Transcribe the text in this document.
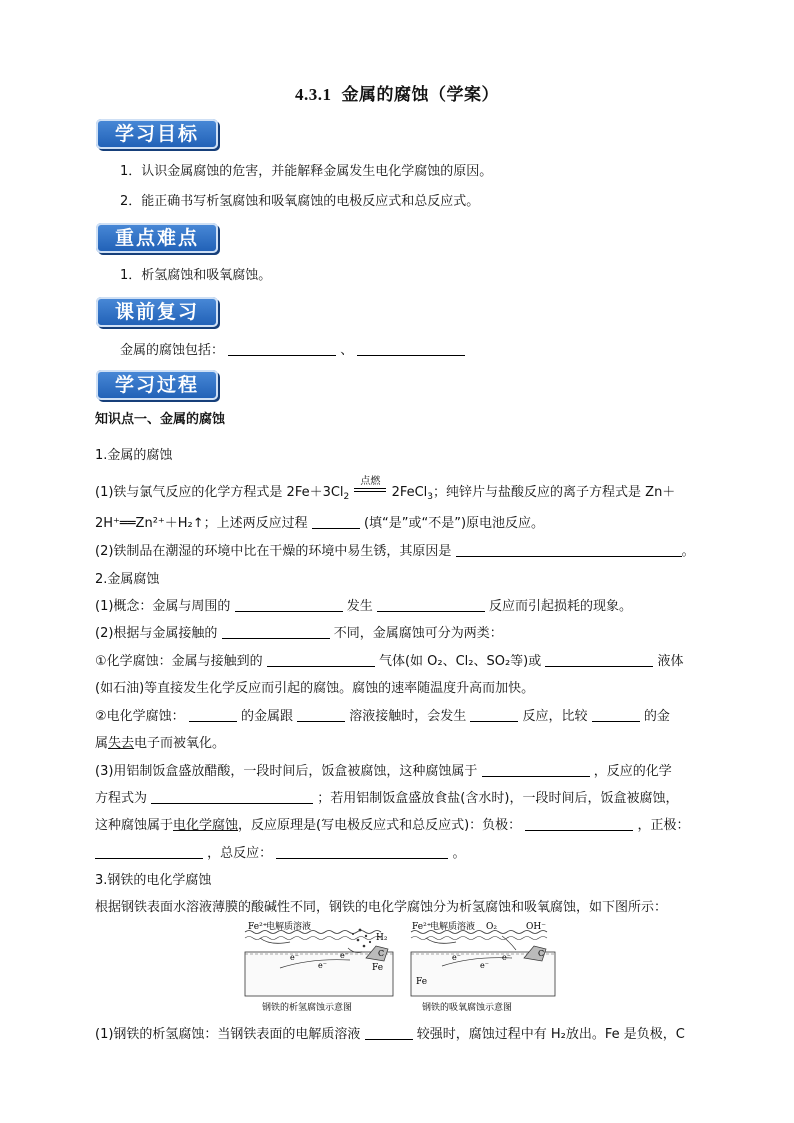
4.3.1 金属的腐蚀（学案）
学习目标
1．认识金属腐蚀的危害，并能解释金属发生电化学腐蚀的原因。
2．能正确书写析氢腐蚀和吸氧腐蚀的电极反应式和总反应式。
重点难点
1．析氢腐蚀和吸氧腐蚀。
课前复习
金属的腐蚀包括：	、
学习过程
知识点一、金属的腐蚀
1.金属的腐蚀
(1)铁与氯气反应的化学方程式是 $2Fe+3Cl_2$
点燃
2FeCl$_3$；纯锌片与盐酸反应的离子方程式是 Zn＋
2H⁺══Zn²⁺＋H₂↑；上述两反应过程	(填“是”或“不是”)原电池反应。
(2)铁制品在潮湿的环境中比在干燥的环境中易生锈，其原因是	。
2.金属腐蚀
(1)概念：金属与周围的	发生	反应而引起损耗的现象。
(2)根据与金属接触的	不同，金属腐蚀可分为两类：
①化学腐蚀：金属与接触到的	气体(如 O₂、Cl₂、SO₂等)或	液体
(如石油)等直接发生化学反应而引起的腐蚀。腐蚀的速率随温度升高而加快。
②电化学腐蚀：	的金属跟	溶液接触时，会发生	反应，比较	的金
属失去电子而被氧化。
(3)用铝制饭盒盛放醋酸，一段时间后，饭盒被腐蚀，这种腐蚀属于	，反应的化学
方程式为	；若用铝制饭盒盛放食盐(含水时)，一段时间后，饭盒被腐蚀，
这种腐蚀属于电化学腐蚀，反应原理是(写电极反应式和总反应式)：负极：	，正极：
，总反应：	。
3.钢铁的电化学腐蚀
根据钢铁表面水溶液薄膜的酸碱性不同，钢铁的电化学腐蚀分为析氢腐蚀和吸氧腐蚀，如下图所示：
Fe²⁺
电解质溶液
H₂
e⁻
e⁻
e⁻
Fe
C
钢铁的析氢腐蚀示意图
Fe²⁺
电解质溶液 O₂	OH⁻
e⁻
e⁻
e⁻
Fe
C
钢铁的吸氧腐蚀示意图
(1)钢铁的析氢腐蚀：当钢铁表面的电解质溶液	较强时，腐蚀过程中有 H₂放出。Fe 是负极，C
